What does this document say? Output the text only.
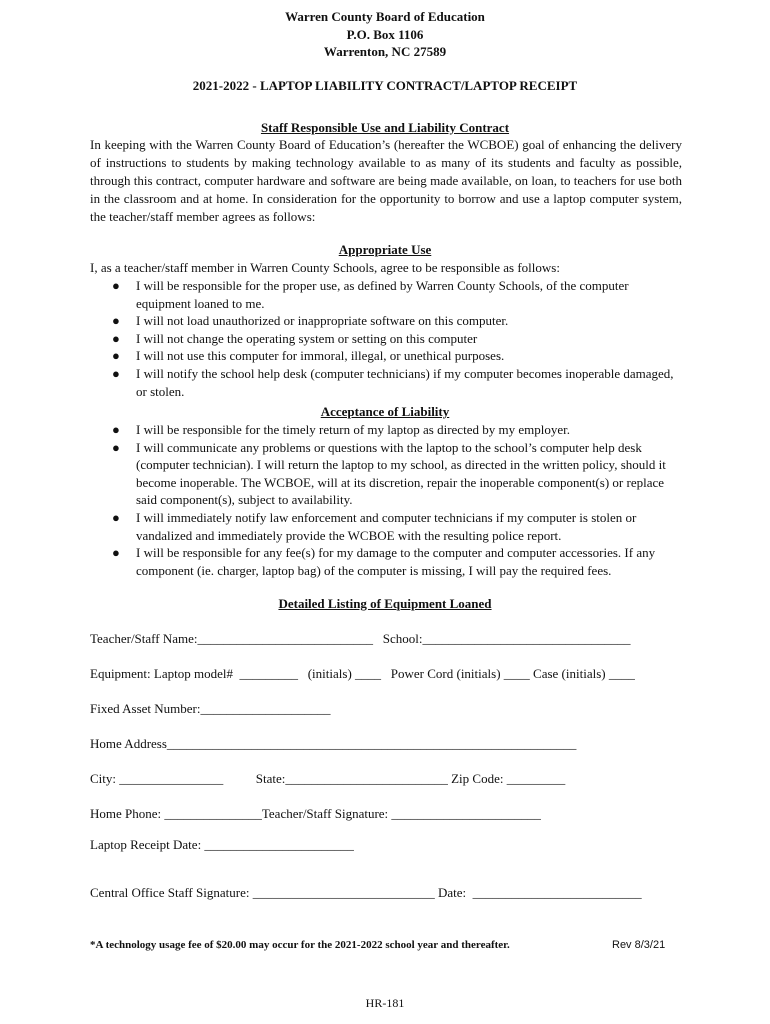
Warren County Board of Education
P.O. Box 1106
Warrenton, NC 27589
2021-2022 - LAPTOP LIABILITY CONTRACT/LAPTOP RECEIPT
Staff Responsible Use and Liability Contract
In keeping with the Warren County Board of Education’s (hereafter the WCBOE) goal of enhancing the delivery of instructions to students by making technology available to as many of its students and faculty as possible, through this contract, computer hardware and software are being made available, on loan, to teachers for use both in the classroom and at home. In consideration for the opportunity to borrow and use a laptop computer system, the teacher/staff member agrees as follows:
Appropriate Use
I, as a teacher/staff member in Warren County Schools, agree to be responsible as follows:
● I will be responsible for the proper use, as defined by Warren County Schools, of the computer equipment loaned to me.
● I will not load unauthorized or inappropriate software on this computer.
● I will not change the operating system or setting on this computer
● I will not use this computer for immoral, illegal, or unethical purposes.
● I will notify the school help desk (computer technicians) if my computer becomes inoperable damaged, or stolen.
Acceptance of Liability
● I will be responsible for the timely return of my laptop as directed by my employer.
● I will communicate any problems or questions with the laptop to the school’s computer help desk (computer technician). I will return the laptop to my school, as directed in the written policy, should it become inoperable. The WCBOE, will at its discretion, repair the inoperable component(s) or replace said component(s), subject to availability.
● I will immediately notify law enforcement and computer technicians if my computer is stolen or vandalized and immediately provide the WCBOE with the resulting police report.
● I will be responsible for any fee(s) for my damage to the computer and computer accessories. If any component (ie. charger, laptop bag) of the computer is missing, I will pay the required fees.
Detailed Listing of Equipment Loaned
Teacher/Staff Name:___________________________   School:________________________________
Equipment: Laptop model#  _________   (initials) ____   Power Cord (initials) ____ Case (initials) ____
Fixed Asset Number:____________________
Home Address_______________________________________________________________
City: ________________          State:_________________________ Zip Code: _________
Home Phone: _______________Teacher/Staff Signature: _______________________
Laptop Receipt Date: _______________________
Central Office Staff Signature: ____________________________ Date:  __________________________
*A technology usage fee of $20.00 may occur for the 2021-2022 school year and thereafter.	Rev 8/3/21
HR-181
